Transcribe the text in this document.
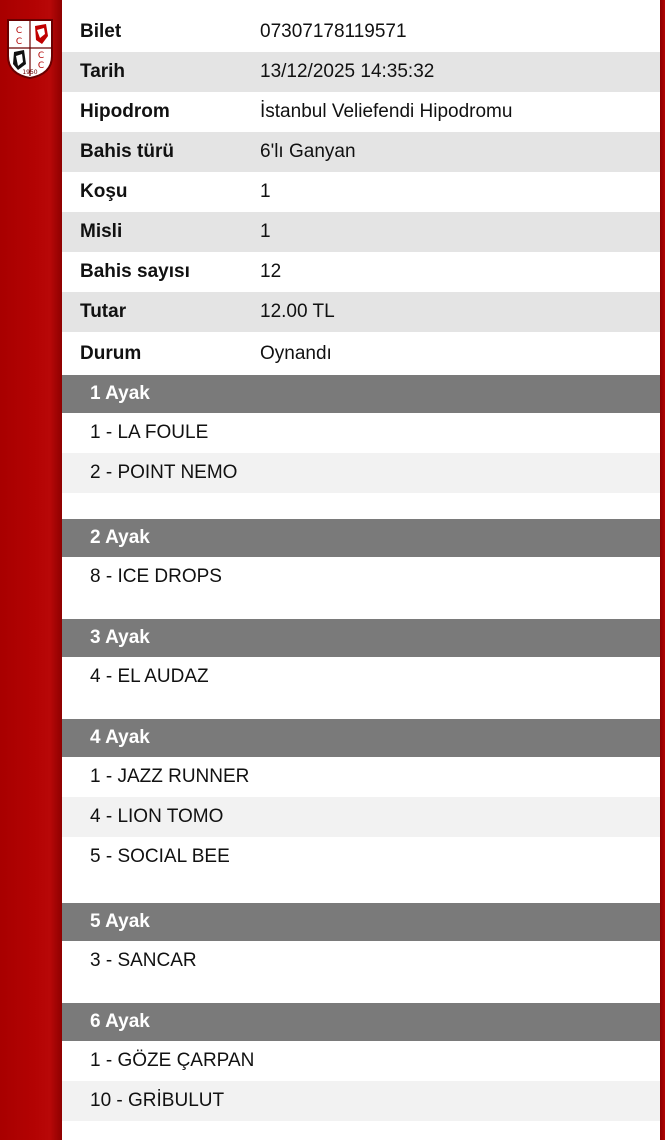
C
C
C
C
1950
Bilet	07307178119571
Tarih	13/12/2025 14:35:32
Hipodrom	İstanbul Veliefendi Hipodromu
Bahis türü	6'lı Ganyan
Koşu	1
Misli	1
Bahis sayısı	12
Tutar	12.00 TL
Durum	Oynandı
1 Ayak
1 - LA FOULE
2 - POINT NEMO
2 Ayak
8 - ICE DROPS
3 Ayak
4 - EL AUDAZ
4 Ayak
1 - JAZZ RUNNER
4 - LION TOMO
5 - SOCIAL BEE
5 Ayak
3 - SANCAR
6 Ayak
1 - GÖZE ÇARPAN
10 - GRİBULUT
